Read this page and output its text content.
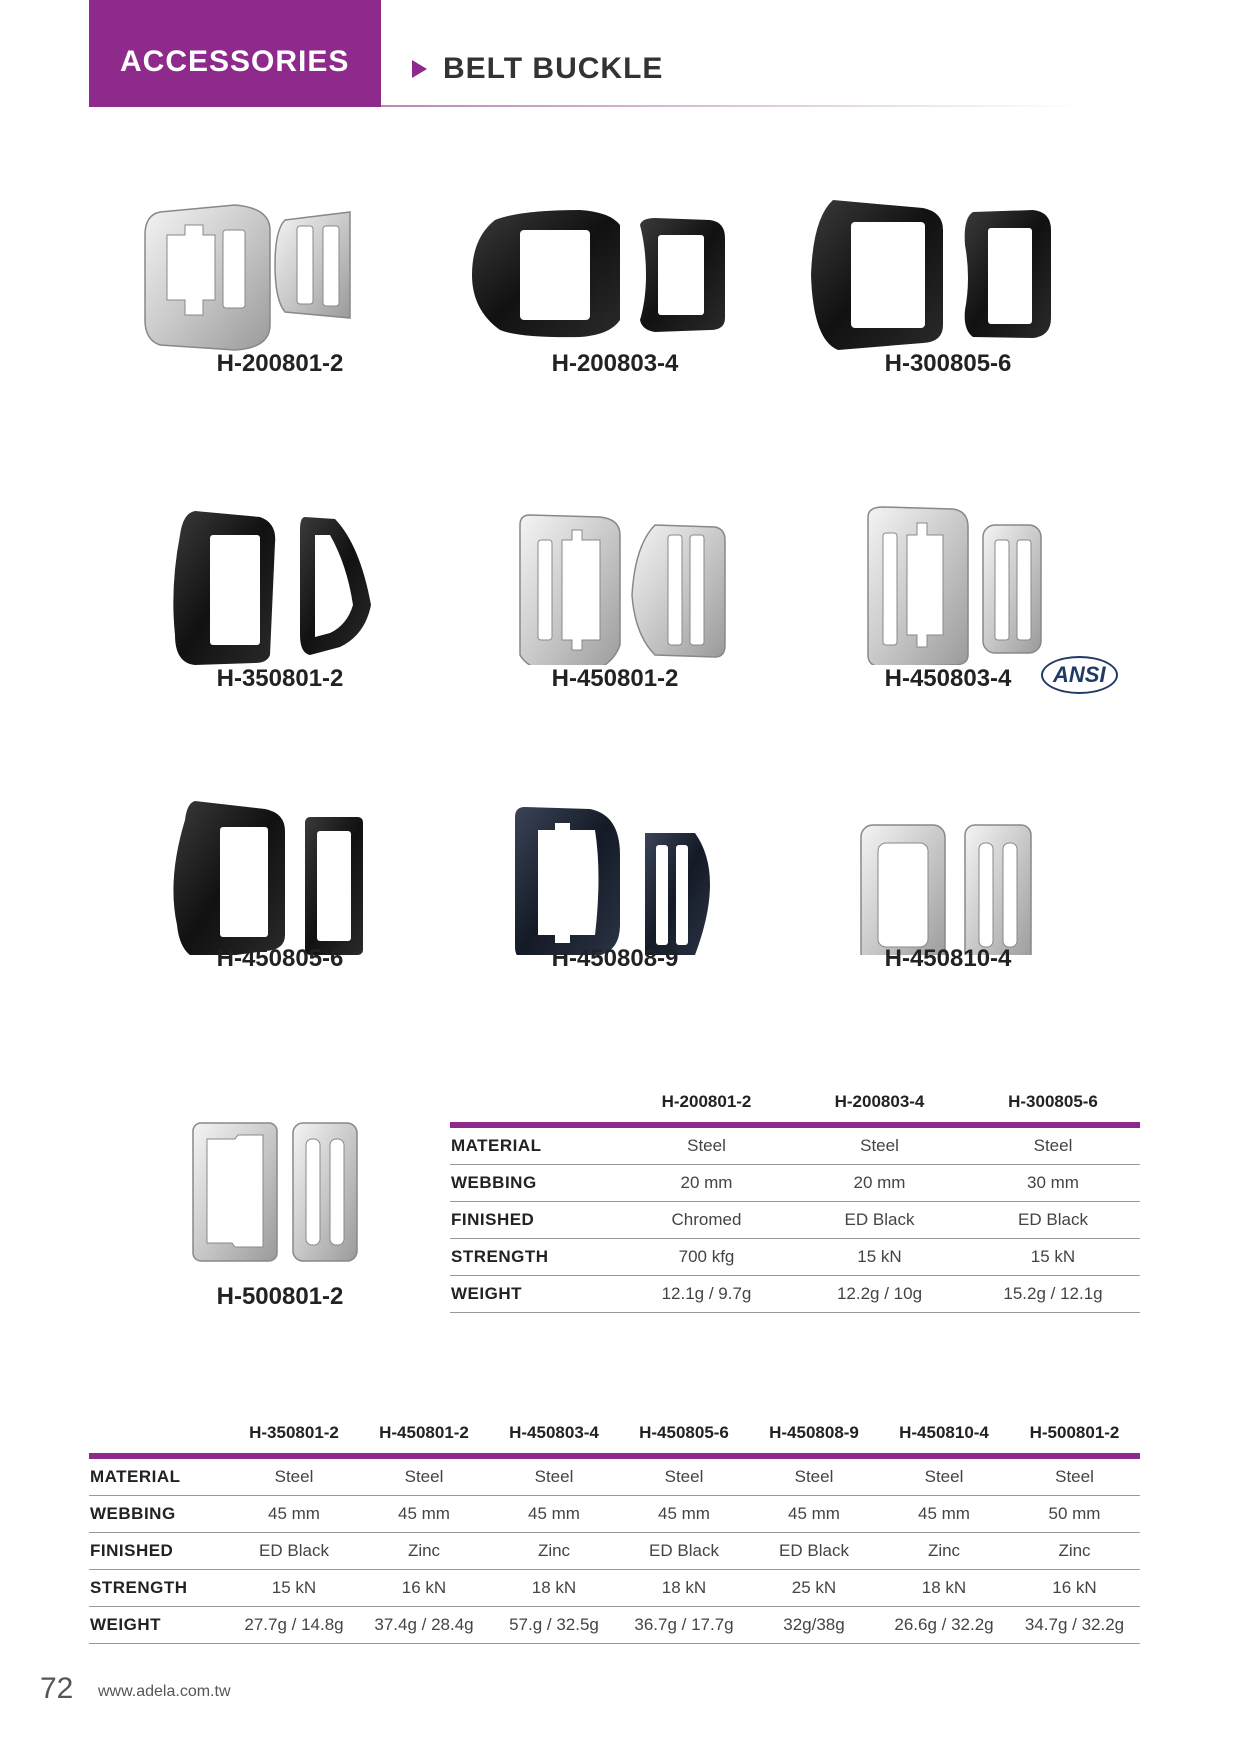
ACCESSORIES	BELT BUCKLE
H-200801-2	H-200803-4	H-300805-6
H-350801-2	H-450801-2	H-450803-4	ANSI
H-450805-6	H-450808-9	H-450810-4
H-500801-2
	H-200801-2	H-200803-4	H-300805-6
MATERIAL	Steel	Steel	Steel
WEBBING	20 mm	20 mm	30 mm
FINISHED	Chromed	ED Black	ED Black
STRENGTH	700 kfg	15 kN	15 kN
WEIGHT	12.1g / 9.7g	12.2g / 10g	15.2g / 12.1g
	H-350801-2	H-450801-2	H-450803-4	H-450805-6	H-450808-9	H-450810-4	H-500801-2
MATERIAL	Steel	Steel	Steel	Steel	Steel	Steel	Steel
WEBBING	45 mm	45 mm	45 mm	45 mm	45 mm	45 mm	50 mm
FINISHED	ED Black	Zinc	Zinc	ED Black	ED Black	Zinc	Zinc
STRENGTH	15 kN	16 kN	18 kN	18 kN	25 kN	18 kN	16 kN
WEIGHT	27.7g / 14.8g	37.4g / 28.4g	57.g / 32.5g	36.7g / 17.7g	32g/38g	26.6g / 32.2g	34.7g / 32.2g
72 www.adela.com.tw
